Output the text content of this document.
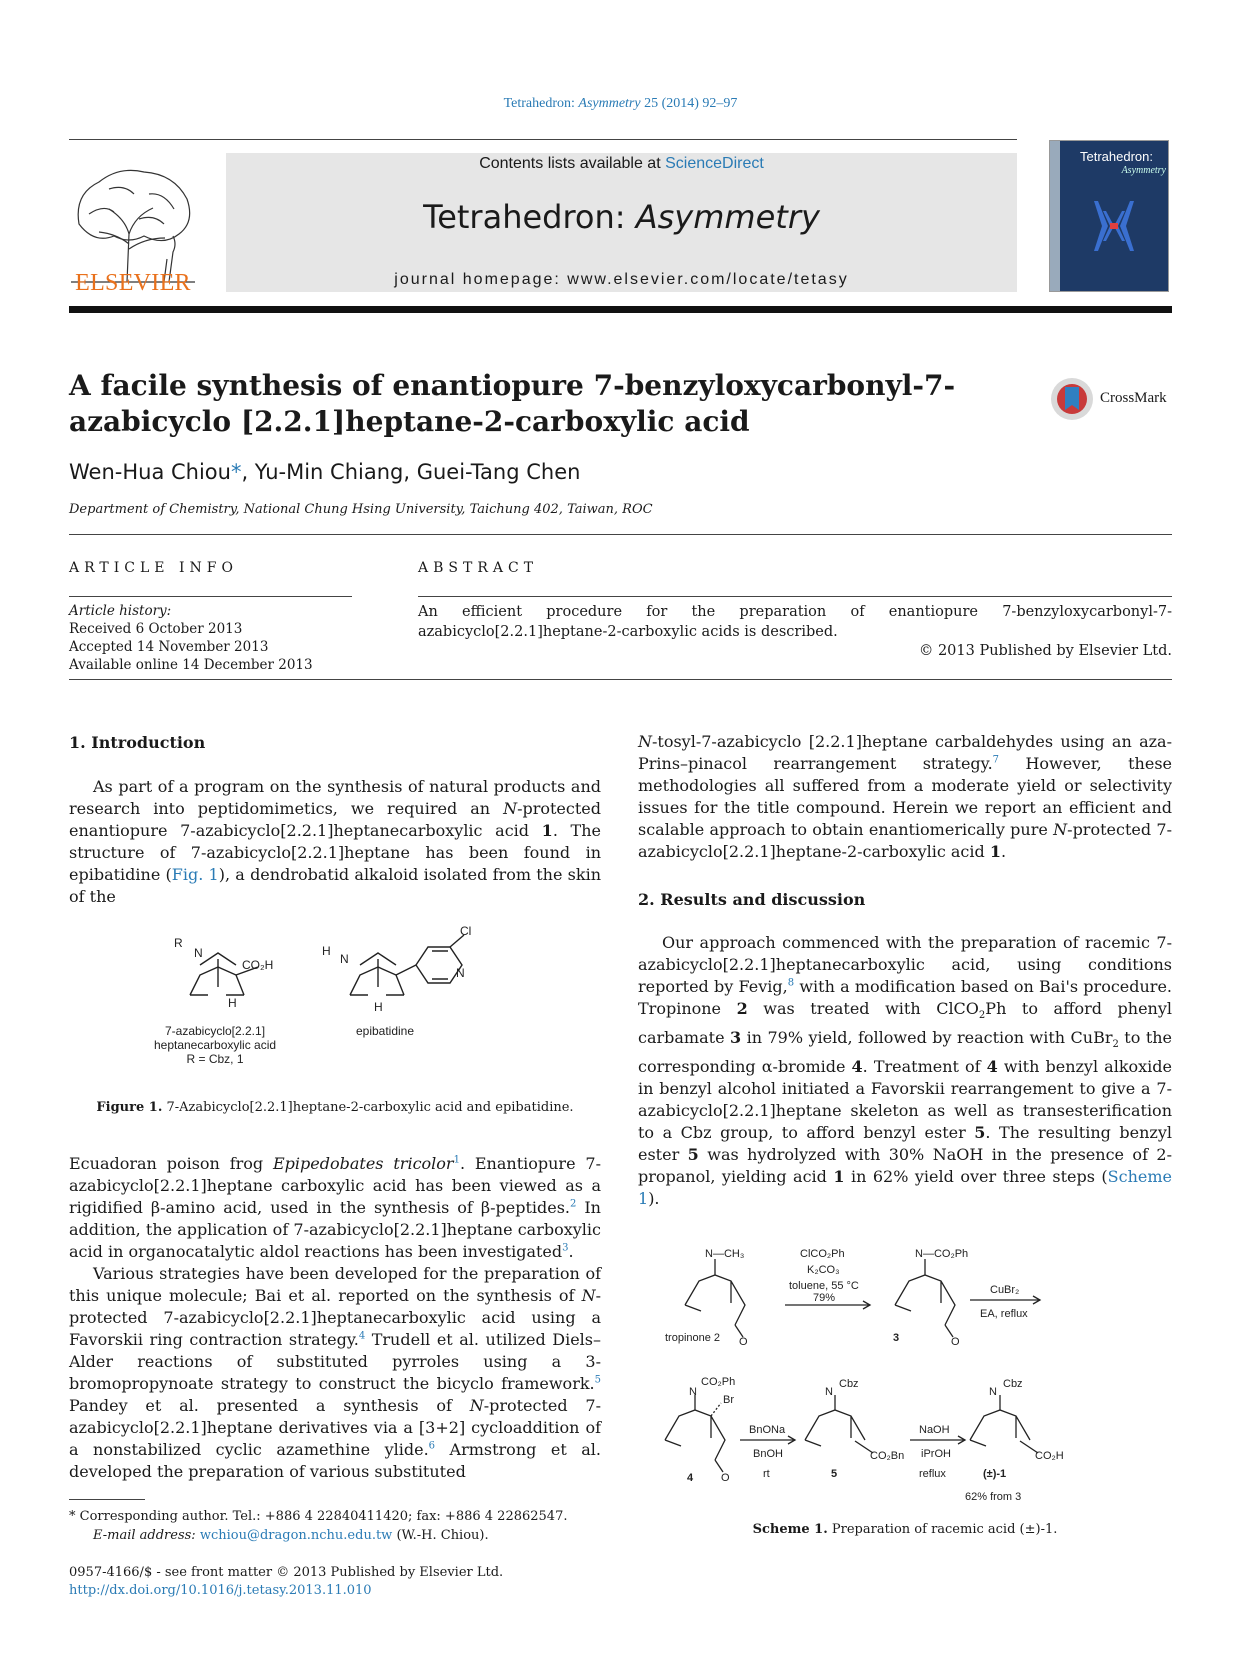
Tetrahedron: Asymmetry 25 (2014) 92–97
ELSEVIER
Contents lists available at ScienceDirect
Tetrahedron: Asymmetry
journal homepage: www.elsevier.com/locate/tetasy
Tetrahedron:
Asymmetry
A facile synthesis of enantiopure 7-benzyloxycarbonyl-7-azabicyclo [2.2.1]heptane-2-carboxylic acid
CrossMark
Wen-Hua Chiou*, Yu-Min Chiang, Guei-Tang Chen
Department of Chemistry, National Chung Hsing University, Taichung 402, Taiwan, ROC
ARTICLE INFO	ABSTRACT
Article history:
Received 6 October 2013
Accepted 14 November 2013
Available online 14 December 2013
An efficient procedure for the preparation of enantiopure 7-benzyloxycarbonyl-7-azabicyclo[2.2.1]heptane-2-carboxylic acids is described.
© 2013 Published by Elsevier Ltd.
1. Introduction
As part of a program on the synthesis of natural products and research into peptidomimetics, we required an N-protected enantiopure 7-azabicyclo[2.2.1]heptanecarboxylic acid 1. The structure of 7-azabicyclo[2.2.1]heptane has been found in epibatidine (Fig. 1), a dendrobatid alkaloid isolated from the skin of the
R
N
CO₂H
H
H
N
H
Cl
N
7-azabicyclo[2.2.1]
heptanecarboxylic acid
R = Cbz, 1
epibatidine
Figure 1. 7-Azabicyclo[2.2.1]heptane-2-carboxylic acid and epibatidine.
Ecuadoran poison frog Epipedobates tricolor$^1$. Enantiopure 7-azabicyclo[2.2.1]heptane carboxylic acid has been viewed as a rigidified β-amino acid, used in the synthesis of β-peptides.$^2$ In addition, the application of 7-azabicyclo[2.2.1]heptane carboxylic acid in organocatalytic aldol reactions has been investigated$^3$.
Various strategies have been developed for the preparation of this unique molecule; Bai et al. reported on the synthesis of N-protected 7-azabicyclo[2.2.1]heptanecarboxylic acid using a Favorskii ring contraction strategy.$^4$ Trudell et al. utilized Diels–Alder reactions of substituted pyrroles using a 3-bromopropynoate strategy to construct the bicyclo framework.$^5$ Pandey et al. presented a synthesis of N-protected 7-azabicyclo[2.2.1]heptane derivatives via a [3+2] cycloaddition of a nonstabilized cyclic azamethine ylide.$^6$ Armstrong et al. developed the preparation of various substituted
* Corresponding author. Tel.: +886 4 22840411420; fax: +886 4 22862547.
E-mail address: wchiou@dragon.nchu.edu.tw (W.-H. Chiou).
0957-4166/$ - see front matter © 2013 Published by Elsevier Ltd.
http://dx.doi.org/10.1016/j.tetasy.2013.11.010
N-tosyl-7-azabicyclo [2.2.1]heptane carbaldehydes using an aza-Prins–pinacol rearrangement strategy.$^7$ However, these methodologies all suffered from a moderate yield or selectivity issues for the title compound. Herein we report an efficient and scalable approach to obtain enantiomerically pure N-protected 7-azabicyclo[2.2.1]heptane-2-carboxylic acid 1.
2. Results and discussion
Our approach commenced with the preparation of racemic 7-azabicyclo[2.2.1]heptanecarboxylic acid, using conditions reported by Fevig,$^8$ with a modification based on Bai's procedure. Tropinone 2 was treated with ClCO$_2$Ph to afford phenyl carbamate 3 in 79% yield, followed by reaction with CuBr$_2$ to the corresponding α-bromide 4. Treatment of 4 with benzyl alkoxide in benzyl alcohol initiated a Favorskii rearrangement to give a 7-azabicyclo[2.2.1]heptane skeleton as well as transesterification to a Cbz group, to afford benzyl ester 5. The resulting benzyl ester 5 was hydrolyzed with 30% NaOH in the presence of 2-propanol, yielding acid 1 in 62% yield over three steps (Scheme 1).
N—CH₃	ClCO₂Ph
K₂CO₃
toluene, 55 °C
79%
N—CO₂Ph
CuBr₂
EA, reflux
tropinone 2 O	3	O
N
CO₂Ph
Br
4	O
BnONa
BnOH
rt
N
Cbz
CO₂Bn
5
NaOH
iPrOH
reflux
N
Cbz
CO₂H
(±)-1
62% from 3
Scheme 1. Preparation of racemic acid (±)-1.
